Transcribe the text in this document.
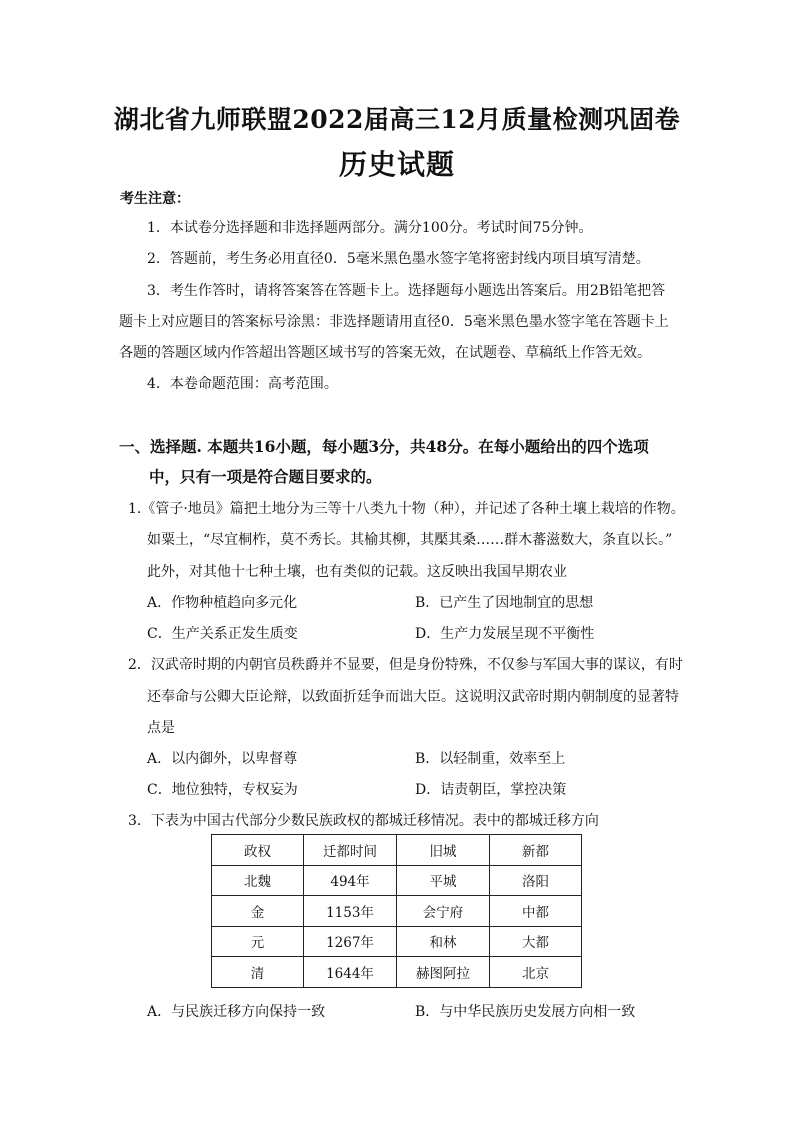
湖北省九师联盟2022届高三12月质量检测巩固卷
历史试题
考生注意：
1．本试卷分选择题和非选择题两部分。满分100分。考试时间75分钟。
2．答题前，考生务必用直径0．5毫米黑色墨水签字笔将密封线内项目填写清楚。
3．考生作答时，请将答案答在答题卡上。选择题每小题选出答案后。用2B铅笔把答
题卡上对应题目的答案标号涂黑：非选择题请用直径0．5毫米黑色墨水签字笔在答题卡上
各题的答题区域内作答超出答题区域书写的答案无效，在试题卷、草稿纸上作答无效。
4．本卷命题范围：高考范围。
一、选择题. 本题共16小题，每小题3分，共48分。在每小题给出的四个选项
中，只有一项是符合题目要求的。
1.《管子·地员》篇把土地分为三等十八类九十物（种），并记述了各种土壤上栽培的作物。
如粟土，“尽宜桐柞，莫不秀长。其榆其柳，其檿其桑……群木蕃滋数大，条直以长。”
此外，对其他十七种土壤，也有类似的记载。这反映出我国早期农业
A．作物种植趋向多元化	B．已产生了因地制宜的思想
C．生产关系正发生质变	D．生产力发展呈现不平衡性
2．汉武帝时期的内朝官员秩爵并不显要，但是身份特殊，不仅参与军国大事的谋议，有时
还奉命与公卿大臣论辩，以致面折廷争而诎大臣。这说明汉武帝时期内朝制度的显著特
点是
A．以内御外，以卑督尊	B．以轻制重，效率至上
C．地位独特，专权妄为	D．诘责朝臣，掌控决策
3．下表为中国古代部分少数民族政权的都城迁移情况。表中的都城迁移方向
政权	迁都时间	旧城	新都
北魏	494年	平城	洛阳
金	1153年	会宁府	中都
元	1267年	和林	大都
清	1644年	赫图阿拉	北京
A．与民族迁移方向保持一致	B．与中华民族历史发展方向相一致
